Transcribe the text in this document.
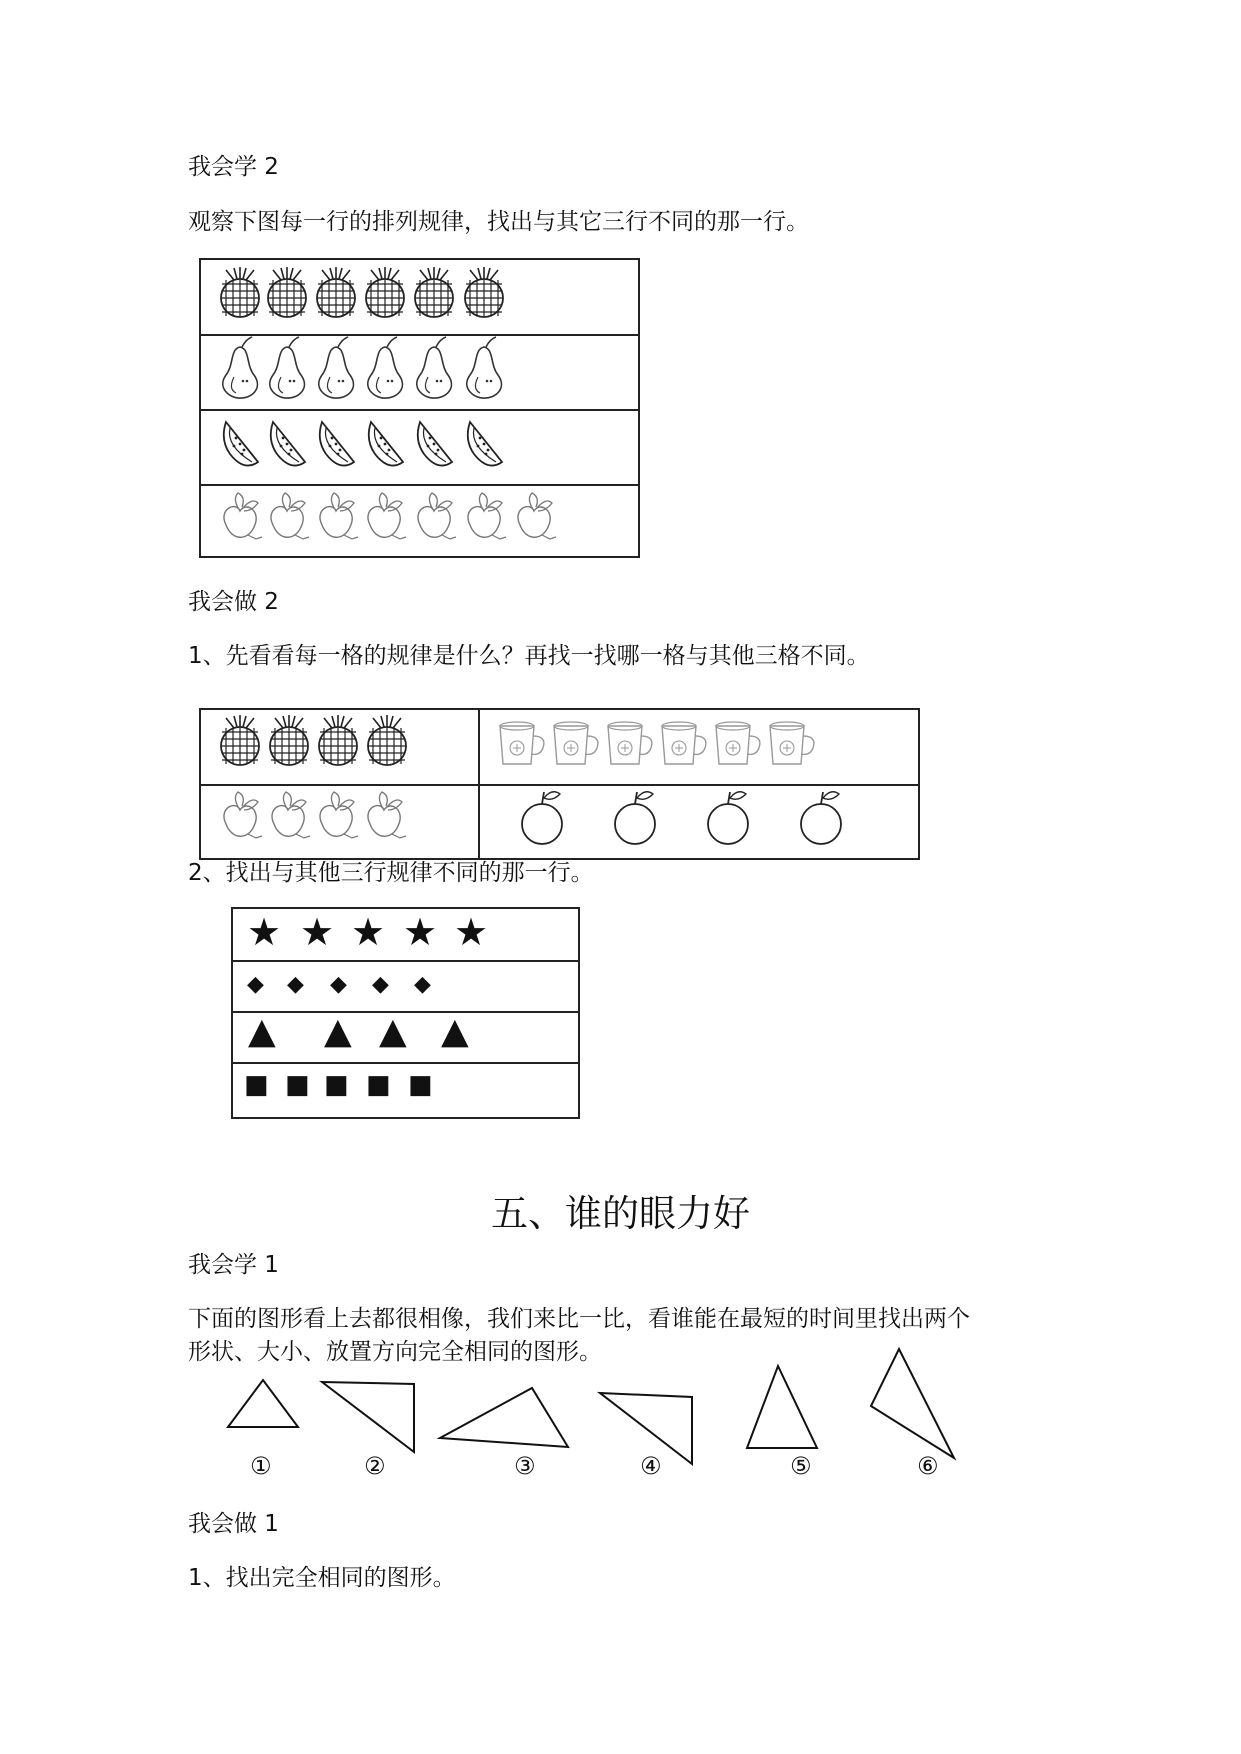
我会学 2
观察下图每一行的排列规律，找出与其它三行不同的那一行。
我会做 2
1、先看看每一格的规律是什么？再找一找哪一格与其他三格不同。
2、找出与其他三行规律不同的那一行。
★ ★ ★ ★ ★
◆ ◆ ◆ ◆ ◆
▲ ▲ ▲ ▲
■ ■ ■ ■ ■
五、谁的眼力好
我会学 1
下面的图形看上去都很相像，我们来比一比，看谁能在最短的时间里找出两个
形状、大小、放置方向完全相同的图形。
①	②	③	④	⑤	⑥
我会做 1
1、找出完全相同的图形。
